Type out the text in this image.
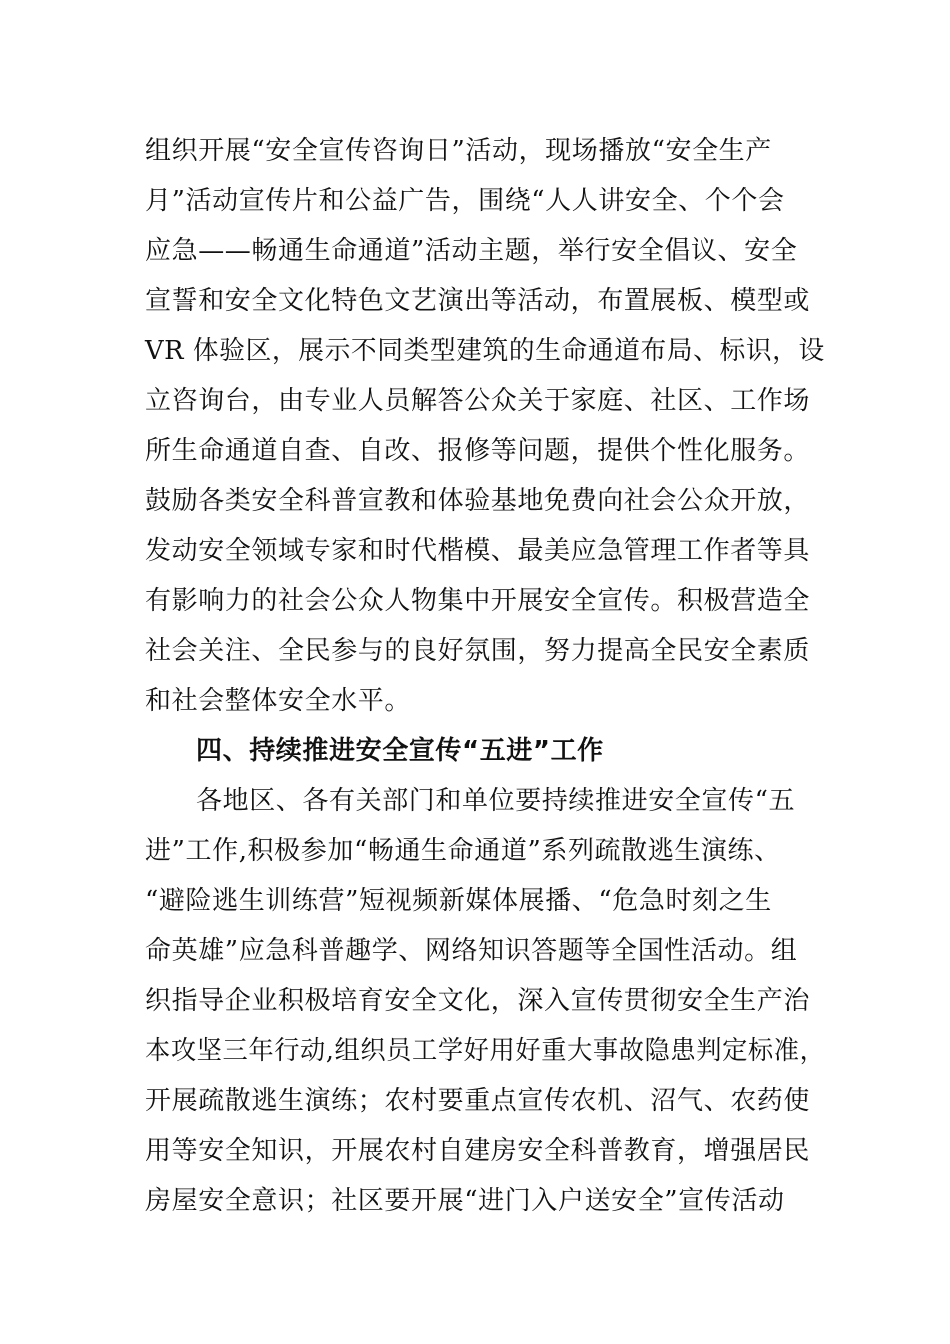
组织开展“安全宣传咨询日”活动，现场播放“安全生产
月”活动宣传片和公益广告，围绕“人人讲安全、个个会
应急——畅通生命通道”活动主题，举行安全倡议、安全
宣誓和安全文化特色文艺演出等活动，布置展板、模型或
VR 体验区，展示不同类型建筑的生命通道布局、标识，设
立咨询台，由专业人员解答公众关于家庭、社区、工作场
所生命通道自查、自改、报修等问题，提供个性化服务。
鼓励各类安全科普宣教和体验基地免费向社会公众开放，
发动安全领域专家和时代楷模、最美应急管理工作者等具
有影响力的社会公众人物集中开展安全宣传。积极营造全
社会关注、全民参与的良好氛围，努力提高全民安全素质
和社会整体安全水平。
四、持续推进安全宣传“五进”工作
各地区、各有关部门和单位要持续推进安全宣传“五
进”工作,积极参加“畅通生命通道”系列疏散逃生演练、
“避险逃生训练营”短视频新媒体展播、“危急时刻之生
命英雄”应急科普趣学、网络知识答题等全国性活动。组
织指导企业积极培育安全文化，深入宣传贯彻安全生产治
本攻坚三年行动,组织员工学好用好重大事故隐患判定标准，
开展疏散逃生演练；农村要重点宣传农机、沼气、农药使
用等安全知识，开展农村自建房安全科普教育，增强居民
房屋安全意识；社区要开展“进门入户送安全”宣传活动
